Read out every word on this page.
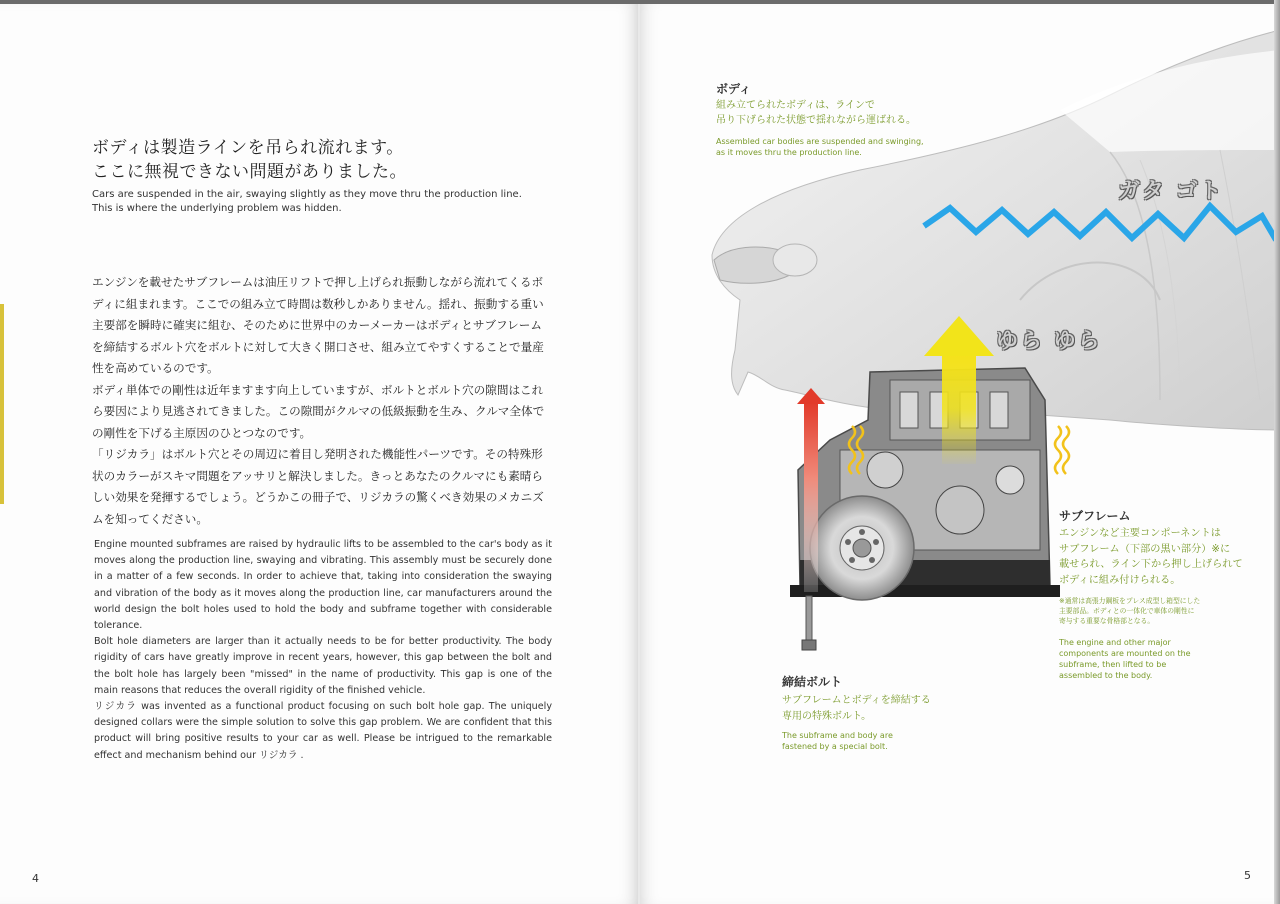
ボディは製造ラインを吊られ流れます。
ここに無視できない問題がありました。
Cars are suspended in the air, swaying slightly as they move thru the production line.
This is where the underlying problem was hidden.

エンジンを載せたサブフレームは油圧リフトで押し上げられ振動しながら流れてくるボディに組まれます。ここでの組み立て時間は数秒しかありません。揺れ、振動する重い主要部を瞬時に確実に組む、そのために世界中のカーメーカーはボディとサブフレームを締結するボルト穴をボルトに対して大きく開口させ、組み立てやすくすることで量産性を高めているのです。

ボディ単体での剛性は近年ますます向上していますが、ボルトとボルト穴の隙間はこれら要因により見逃されてきました。この隙間がクルマの低級振動を生み、クルマ全体での剛性を下げる主原因のひとつなのです。

「リジカラ」はボルト穴とその周辺に着目し発明された機能性パーツです。その特殊形状のカラーがスキマ問題をアッサリと解決しました。きっとあなたのクルマにも素晴らしい効果を発揮するでしょう。どうかこの冊子で、リジカラの驚くべき効果のメカニズムを知ってください。

Engine mounted subframes are raised by hydraulic lifts to be assembled to the car's body as it moves along the production line, swaying and vibrating. This assembly must be securely done in a matter of a few seconds. In order to achieve that, taking into consideration the swaying and vibration of the body as it moves along the production line, car manufacturers around the world design the bolt holes used to hold the body and subframe together with considerable tolerance.

Bolt hole diameters are larger than it actually needs to be for better productivity. The body rigidity of cars have greatly improve in recent years, however, this gap between the bolt and the bolt hole has largely been "missed" in the name of productivity. This gap is one of the main reasons that reduces the overall rigidity of the finished vehicle.

リジカラ was invented as a functional product focusing on such bolt hole gap. The uniquely designed collars were the simple solution to solve this gap problem. We are confident that this product will bring positive results to your car as well. Please be intrigued to the remarkable effect and mechanism behind our リジカラ .

4
ガタ ゴト
ゆら ゆら
ボディ
組み立てられたボディは、ラインで
吊り下げられた状態で揺れながら運ばれる。
Assembled car bodies are suspended and swinging,
as it moves thru the production line.
サブフレーム
エンジンなど主要コンポーネントは
サブフレーム（下部の黒い部分）※に
載せられ、ライン下から押し上げられて
ボディに組み付けられる。
※通常は高張力鋼板をプレス成型し箱型にした
主要部品。ボディとの一体化で車体の剛性に
寄与する重要な骨格部となる。
The engine and other major
components are mounted on the
subframe, then lifted to be
assembled to the body.
締結ボルト
サブフレームとボディを締結する
専用の特殊ボルト。
The subframe and body are
fastened by a special bolt.
5
